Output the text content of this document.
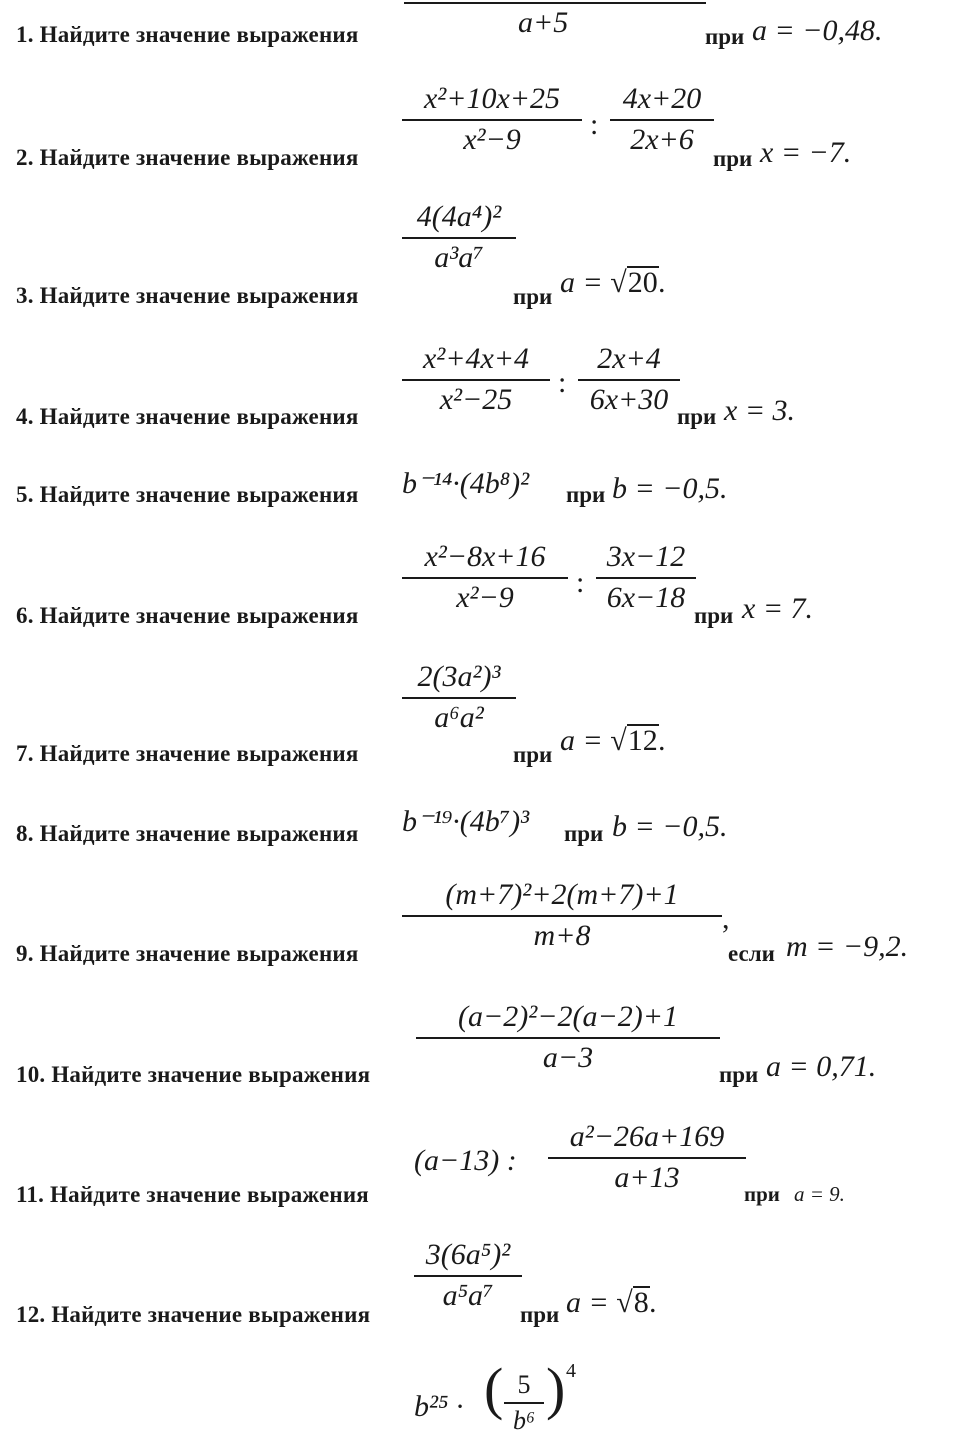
1. Найдите значение выражения	a+5	при a = −0,48.
2. Найдите значение выражения
x²+10x+25
x²−9	:
4x+20
2x+6
при x = −7.
3. Найдите значение выражения
4(4a⁴)²
a³a⁷
при a = √20.
4. Найдите значение выражения
x²+4x+4
x²−25	:
2x+4
6x+30
при x = 3.
5. Найдите значение выражения b⁻¹⁴·(4b⁸)² при b = −0,5.
6. Найдите значение выражения
x²−8x+16
x²−9	:
3x−12
6x−18
при x = 7.
7. Найдите значение выражения
2(3a²)³
a⁶a²
при a = √12.
8. Найдите значение выражения b⁻¹⁹·(4b⁷)³ при b = −0,5.
9. Найдите значение выражения
(m+7)²+2(m+7)+1
m+8	,
если m = −9,2.
10. Найдите значение выражения
(a−2)²−2(a−2)+1
a−3
при a = 0,71.
11. Найдите значение выражения
(a−13) :
a²−26a+169
a+13
при a = 9.
12. Найдите значение выражения
3(6a⁵)²
a⁵a⁷
при a = √8.
b²⁵ · ( 5
b⁶ ) 4
